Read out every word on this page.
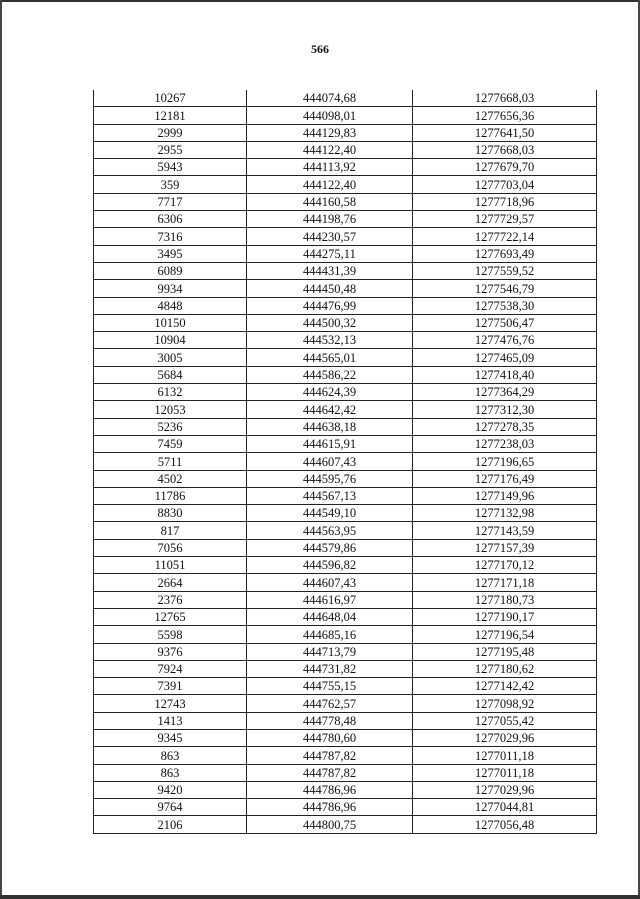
566
10267	444074,68	1277668,03
12181	444098,01	1277656,36
2999	444129,83	1277641,50
2955	444122,40	1277668,03
5943	444113,92	1277679,70
359	444122,40	1277703,04
7717	444160,58	1277718,96
6306	444198,76	1277729,57
7316	444230,57	1277722,14
3495	444275,11	1277693,49
6089	444431,39	1277559,52
9934	444450,48	1277546,79
4848	444476,99	1277538,30
10150	444500,32	1277506,47
10904	444532,13	1277476,76
3005	444565,01	1277465,09
5684	444586,22	1277418,40
6132	444624,39	1277364,29
12053	444642,42	1277312,30
5236	444638,18	1277278,35
7459	444615,91	1277238,03
5711	444607,43	1277196,65
4502	444595,76	1277176,49
11786	444567,13	1277149,96
8830	444549,10	1277132,98
817	444563,95	1277143,59
7056	444579,86	1277157,39
11051	444596,82	1277170,12
2664	444607,43	1277171,18
2376	444616,97	1277180,73
12765	444648,04	1277190,17
5598	444685,16	1277196,54
9376	444713,79	1277195,48
7924	444731,82	1277180,62
7391	444755,15	1277142,42
12743	444762,57	1277098,92
1413	444778,48	1277055,42
9345	444780,60	1277029,96
863	444787,82	1277011,18
863	444787,82	1277011,18
9420	444786,96	1277029,96
9764	444786,96	1277044,81
2106	444800,75	1277056,48
